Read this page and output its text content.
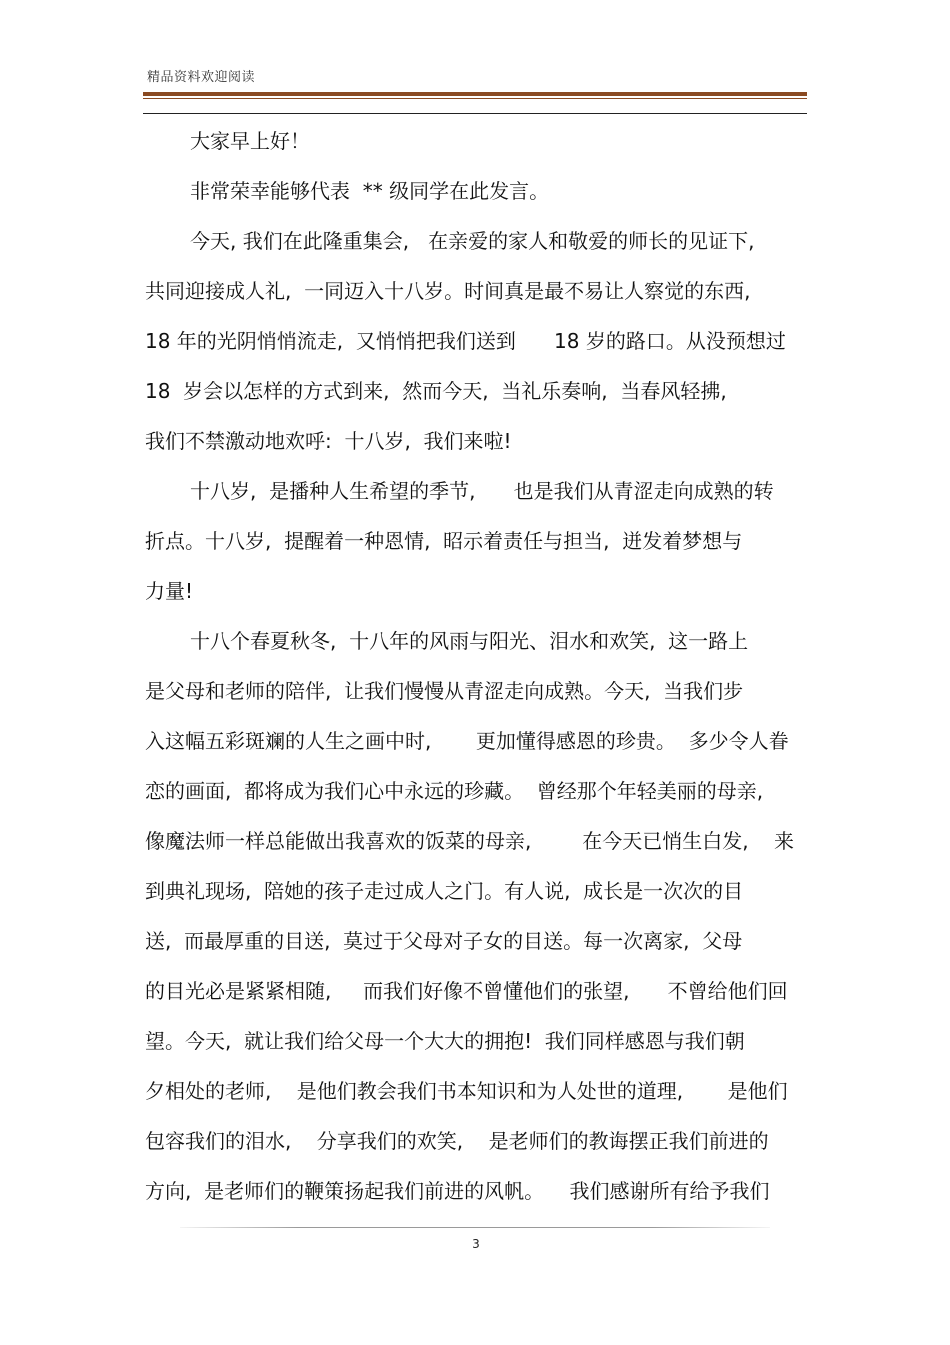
精品资料欢迎阅读
大家早上好！
非常荣幸能够代表  ** 级同学在此发言。
今天, 我们在此隆重集会,   在亲爱的家人和敬爱的师长的见证下,
共同迎接成人礼,  一同迈入十八岁。时间真是最不易让人察觉的东西,
18 年的光阴悄悄流走,  又悄悄把我们送到      18 岁的路口。从没预想过
18  岁会以怎样的方式到来,  然而今天,  当礼乐奏响,  当春风轻拂,
我们不禁激动地欢呼:  十八岁,  我们来啦!
十八岁,  是播种人生希望的季节,      也是我们从青涩走向成熟的转
折点。十八岁,  提醒着一种恩情,  昭示着责任与担当,  迸发着梦想与
力量!
十八个春夏秋冬,  十八年的风雨与阳光、泪水和欢笑,  这一路上
是父母和老师的陪伴,  让我们慢慢从青涩走向成熟。今天,  当我们步
入这幅五彩斑斓的人生之画中时,       更加懂得感恩的珍贵。  多少令人眷
恋的画面,  都将成为我们心中永远的珍藏。  曾经那个年轻美丽的母亲,
像魔法师一样总能做出我喜欢的饭菜的母亲,        在今天已悄生白发,    来
到典礼现场,  陪她的孩子走过成人之门。有人说,  成长是一次次的目
送,  而最厚重的目送,  莫过于父母对子女的目送。每一次离家,  父母
的目光必是紧紧相随,     而我们好像不曾懂他们的张望,      不曾给他们回
望。今天,  就让我们给父母一个大大的拥抱!  我们同样感恩与我们朝
夕相处的老师,    是他们教会我们书本知识和为人处世的道理,       是他们
包容我们的泪水,    分享我们的欢笑,    是老师们的教诲摆正我们前进的
方向,  是老师们的鞭策扬起我们前进的风帆。    我们感谢所有给予我们
3
